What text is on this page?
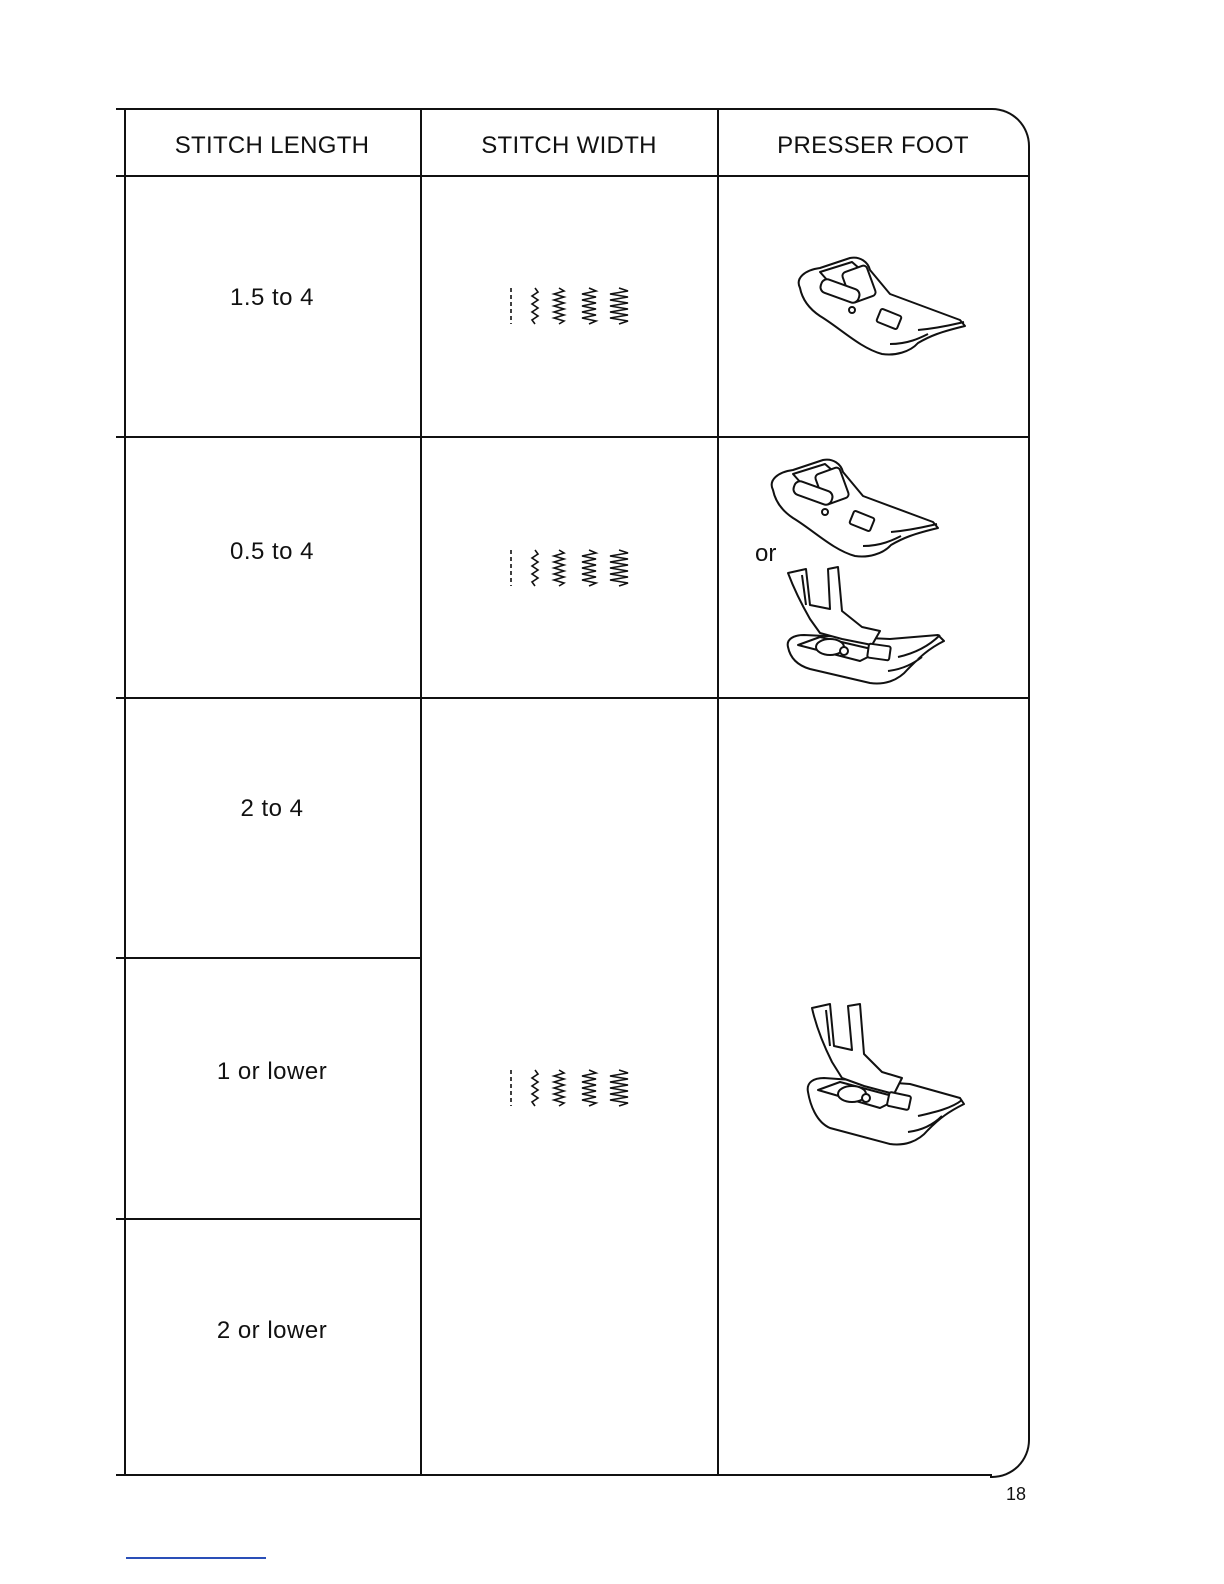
STITCH LENGTH	STITCH WIDTH	PRESSER FOOT
1.5 to 4
0.5 to 4
2 to 4
1 or lower
2 or lower
or
18
